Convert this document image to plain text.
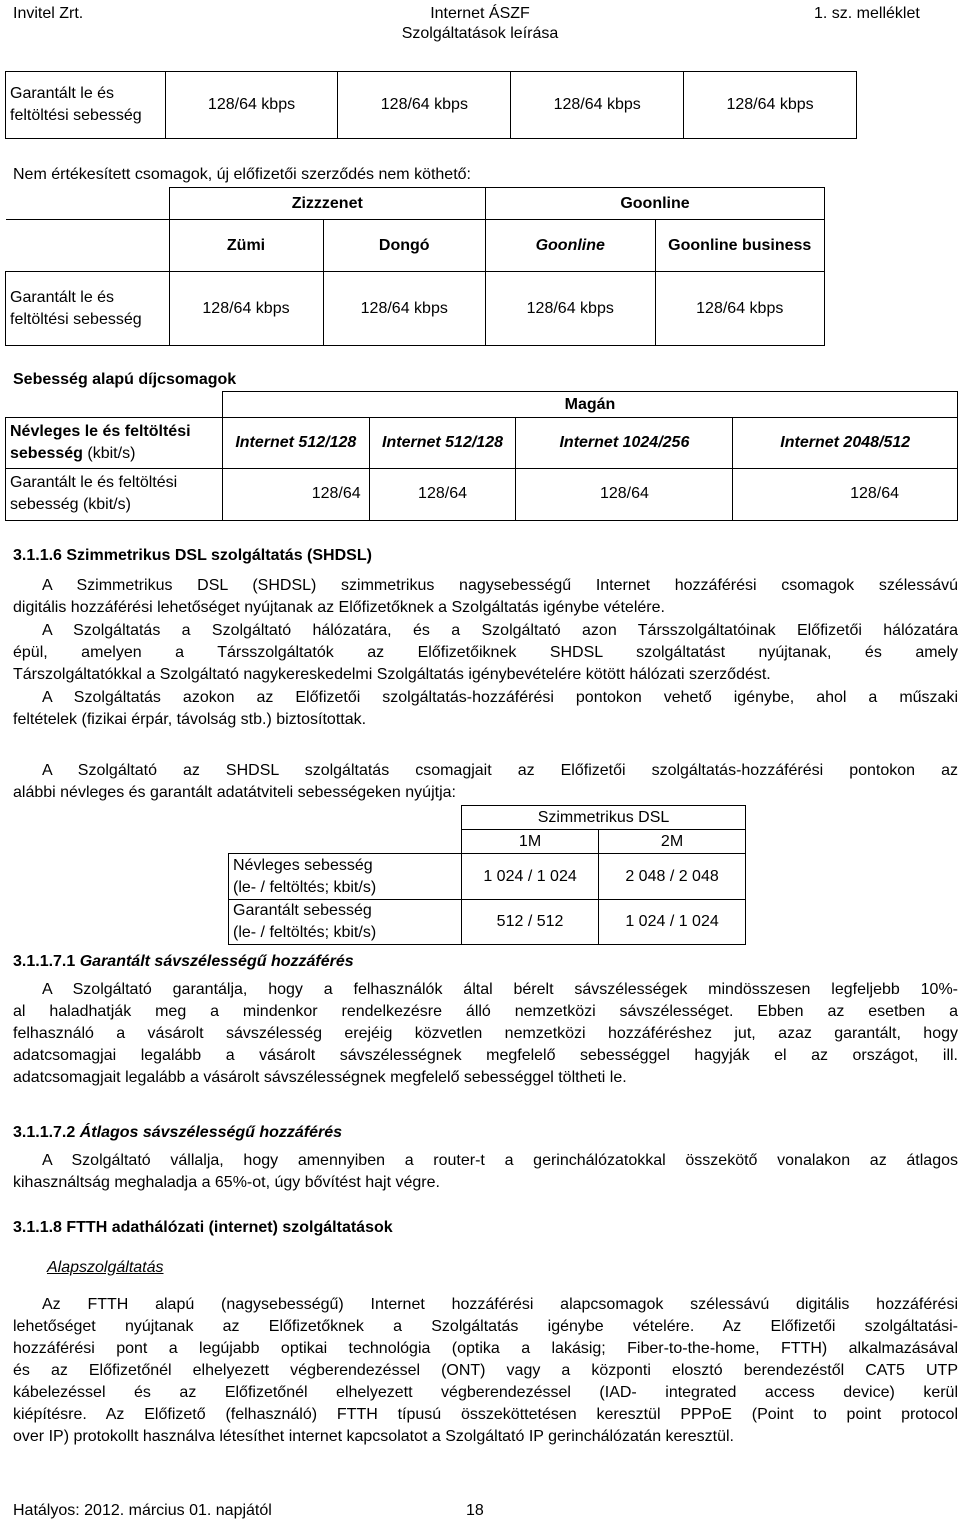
Invitel Zrt.	Internet ÁSZF
Szolgáltatások leírása
1. sz. melléklet
Garantált le és feltöltési sebesség	128/64 kbps	128/64 kbps	128/64 kbps	128/64 kbps
Nem értékesített csomagok, új előfizetői szerződés nem köthető:
	Zizzzenet		Goonline	
	Zümi	Dongó	Goonline	Goonline business
Garantált le és feltöltési sebesség	128/64 kbps	128/64 kbps	128/64 kbps	128/64 kbps
Sebesség alapú díjcsomagok
	Magán			
Névleges le és feltöltési sebesség (kbit/s)	Internet 512/128	Internet 512/128	Internet 1024/256	Internet 2048/512
Garantált le és feltöltési sebesség (kbit/s)	128/64	128/64	128/64	128/64
3.1.1.6 Szimmetrikus DSL szolgáltatás (SHDSL)
A Szimmetrikus DSL (SHDSL) szimmetrikus nagysebességű Internet hozzáférési csomagok szélessávú
digitális hozzáférési lehetőséget nyújtanak az Előfizetőknek a Szolgáltatás igénybe vételére.
A Szolgáltatás a Szolgáltató hálózatára, és a Szolgáltató azon Társszolgáltatóinak Előfizetői hálózatára
épül, amelyen a Társszolgáltatók az Előfizetőiknek SHDSL szolgáltatást nyújtanak, és amely
Társzolgáltatókkal a Szolgáltató nagykereskedelmi Szolgáltatás igénybevételére kötött hálózati szerződést.
A Szolgáltatás azokon az Előfizetői szolgáltatás-hozzáférési pontokon vehető igénybe, ahol a műszaki
feltételek (fizikai érpár, távolság stb.) biztosítottak.
A Szolgáltató az SHDSL szolgáltatás csomagjait az Előfizetői szolgáltatás-hozzáférési pontokon az
alábbi névleges és garantált adatátviteli sebességeken nyújtja:
	Szimmetrikus DSL	
	1M	2M

Névleges sebesség
(le- / feltöltés; kbit/s)	1 024 / 1 024	2 048 / 2 048

Garantált sebesség
(le- / feltöltés; kbit/s)	512 / 512	1 024 / 1 024
3.1.1.7.1 Garantált sávszélességű hozzáférés
A Szolgáltató garantálja, hogy a felhasználók által bérelt sávszélességek mindösszesen legfeljebb 10%-
al haladhatják meg a mindenkor rendelkezésre álló nemzetközi sávszélességet. Ebben az esetben a
felhasználó a vásárolt sávszélesség erejéig közvetlen nemzetközi hozzáféréshez jut, azaz garantált, hogy
adatcsomagjai legalább a vásárolt sávszélességnek megfelelő sebességgel hagyják el az országot, ill.
adatcsomagjait legalább a vásárolt sávszélességnek megfelelő sebességgel töltheti le.
3.1.1.7.2 Átlagos sávszélességű hozzáférés
A Szolgáltató vállalja, hogy amennyiben a router-t a gerinchálózatokkal összekötő vonalakon az átlagos
kihasználtság meghaladja a 65%-ot, úgy bővítést hajt végre.
3.1.1.8 FTTH adathálózati (internet) szolgáltatások
Alapszolgáltatás
Az FTTH alapú (nagysebességű) Internet hozzáférési alapcsomagok szélessávú digitális hozzáférési
lehetőséget nyújtanak az Előfizetőknek a Szolgáltatás igénybe vételére. Az Előfizetői szolgáltatási-
hozzáférési pont a legújabb optikai technológia (optika a lakásig; Fiber-to-the-home, FTTH) alkalmazásával
és az Előfizetőnél elhelyezett végberendezéssel (ONT) vagy a központi elosztó berendezéstől CAT5 UTP
kábelezéssel és az Előfizetőnél elhelyezett végberendezéssel (IAD- integrated access device) kerül
kiépítésre. Az Előfizető (felhasználó) FTTH típusú összeköttetésen keresztül PPPoE (Point to point protocol
over IP) protokollt használva létesíthet internet kapcsolatot a Szolgáltató IP gerinchálózatán keresztül.
Hatályos: 2012. március 01. napjától	18
